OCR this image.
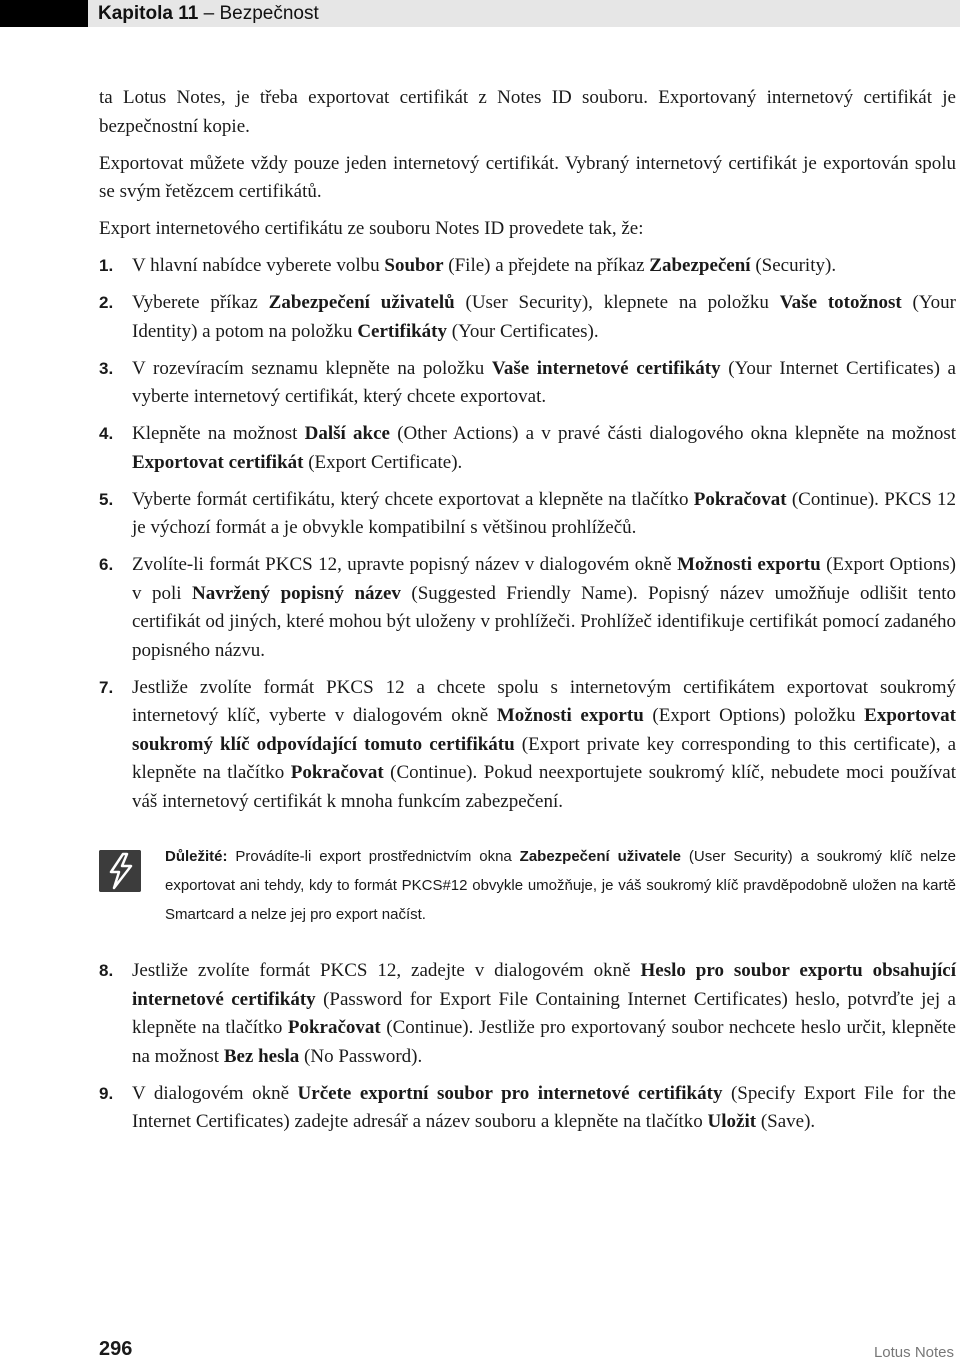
Kapitola 11 – Bezpečnost

ta Lotus Notes, je třeba exportovat certifikát z Notes ID souboru. Exportovaný internetový certifikát je bezpečnostní kopie.

Exportovat můžete vždy pouze jeden internetový certifikát. Vybraný internetový certifikát je exportován spolu se svým řetězcem certifikátů.

Export internetového certifikátu ze souboru Notes ID provedete tak, že:

1. V hlavní nabídce vyberete volbu Soubor (File) a přejdete na příkaz Zabezpečení (Security).
2. Vyberete příkaz Zabezpečení uživatelů (User Security), klepnete na položku Vaše totožnost (Your Identity) a potom na položku Certifikáty (Your Certificates).
3. V rozevíracím seznamu klepněte na položku Vaše internetové certifikáty (Your Internet Certificates) a vyberte internetový certifikát, který chcete exportovat.
4. Klepněte na možnost Další akce (Other Actions) a v pravé části dialogového okna klepněte na možnost Exportovat certifikát (Export Certificate).
5. Vyberte formát certifikátu, který chcete exportovat a klepněte na tlačítko Pokračovat (Continue). PKCS 12 je výchozí formát a je obvykle kompatibilní s většinou prohlížečů.
6. Zvolíte-li formát PKCS 12, upravte popisný název v dialogovém okně Možnosti exportu (Export Options) v poli Navržený popisný název (Suggested Friendly Name). Popisný název umožňuje odlišit tento certifikát od jiných, které mohou být uloženy v prohlížeči. Prohlížeč identifikuje certifikát pomocí zadaného popisného názvu.
7. Jestliže zvolíte formát PKCS 12 a chcete spolu s internetovým certifikátem exportovat soukromý internetový klíč, vyberte v dialogovém okně Možnosti exportu (Export Options) položku Exportovat soukromý klíč odpovídající tomuto certifikátu (Export private key corresponding to this certificate), a klepněte na tlačítko Pokračovat (Continue). Pokud neexportujete soukromý klíč, nebudete moci používat váš internetový certifikát k mnoha funkcím zabezpečení.
Důležité: Provádíte-li export prostřednictvím okna Zabezpečení uživatele (User Security) a soukromý klíč nelze exportovat ani tehdy, kdy to formát PKCS#12 obvykle umožňuje, je váš soukromý klíč pravděpodobně uložen na kartě Smartcard a nelze jej pro export načíst.
8. Jestliže zvolíte formát PKCS 12, zadejte v dialogovém okně Heslo pro soubor exportu obsahující internetové certifikáty (Password for Export File Containing Internet Certificates) heslo, potvrďte jej a klepněte na tlačítko Pokračovat (Continue). Jestliže pro exportovaný soubor nechcete heslo určit, klepněte na možnost Bez hesla (No Password).
9. V dialogovém okně Určete exportní soubor pro internetové certifikáty (Specify Export File for the Internet Certificates) zadejte adresář a název souboru a klepněte na tlačítko Uložit (Save).
296	Lotus Notes
